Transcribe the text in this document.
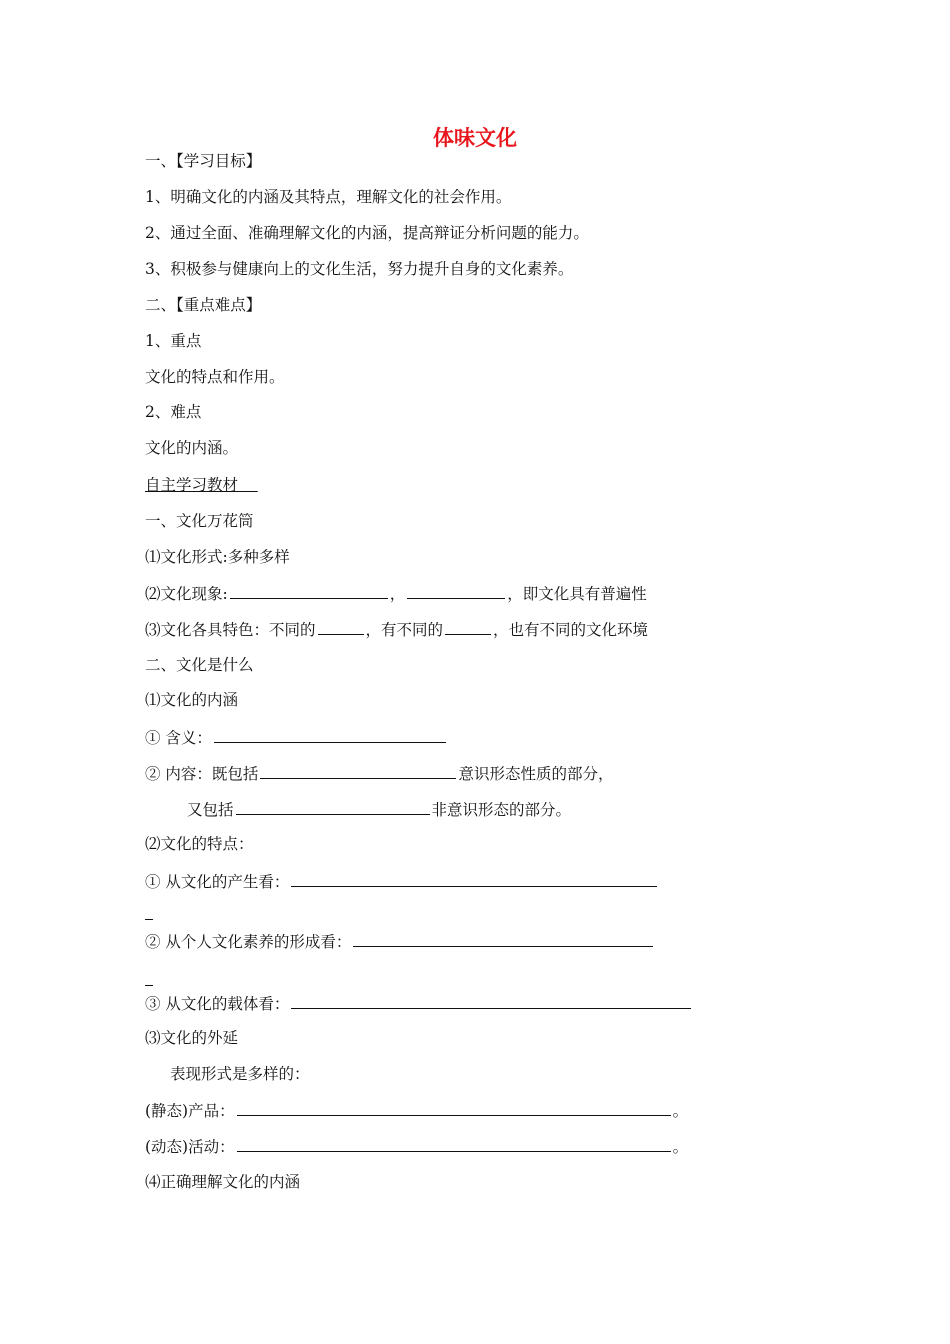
体味文化
一、【学习目标】
1、明确文化的内涵及其特点，理解文化的社会作用。
2、通过全面、准确理解文化的内涵，提高辩证分析问题的能力。
3、积极参与健康向上的文化生活，努力提升自身的文化素养。
二、【重点难点】
1、重点
文化的特点和作用。
2、难点
文化的内涵。
自主学习教材
一、文化万花筒
⑴文化形式:多种多样
⑵文化现象:	，	，即文化具有普遍性
⑶文化各具特色：不同的	，有不同的	，也有不同的文化环境
二、文化是什么
⑴文化的内涵
① 含义：
② 内容：既包括	意识形态性质的部分，
又包括	非意识形态的部分。
⑵文化的特点：
① 从文化的产生看：
② 从个人文化素养的形成看：
③ 从文化的载体看：
⑶文化的外延
表现形式是多样的：
(静态)产品：	。
(动态)活动：	。
⑷正确理解文化的内涵
